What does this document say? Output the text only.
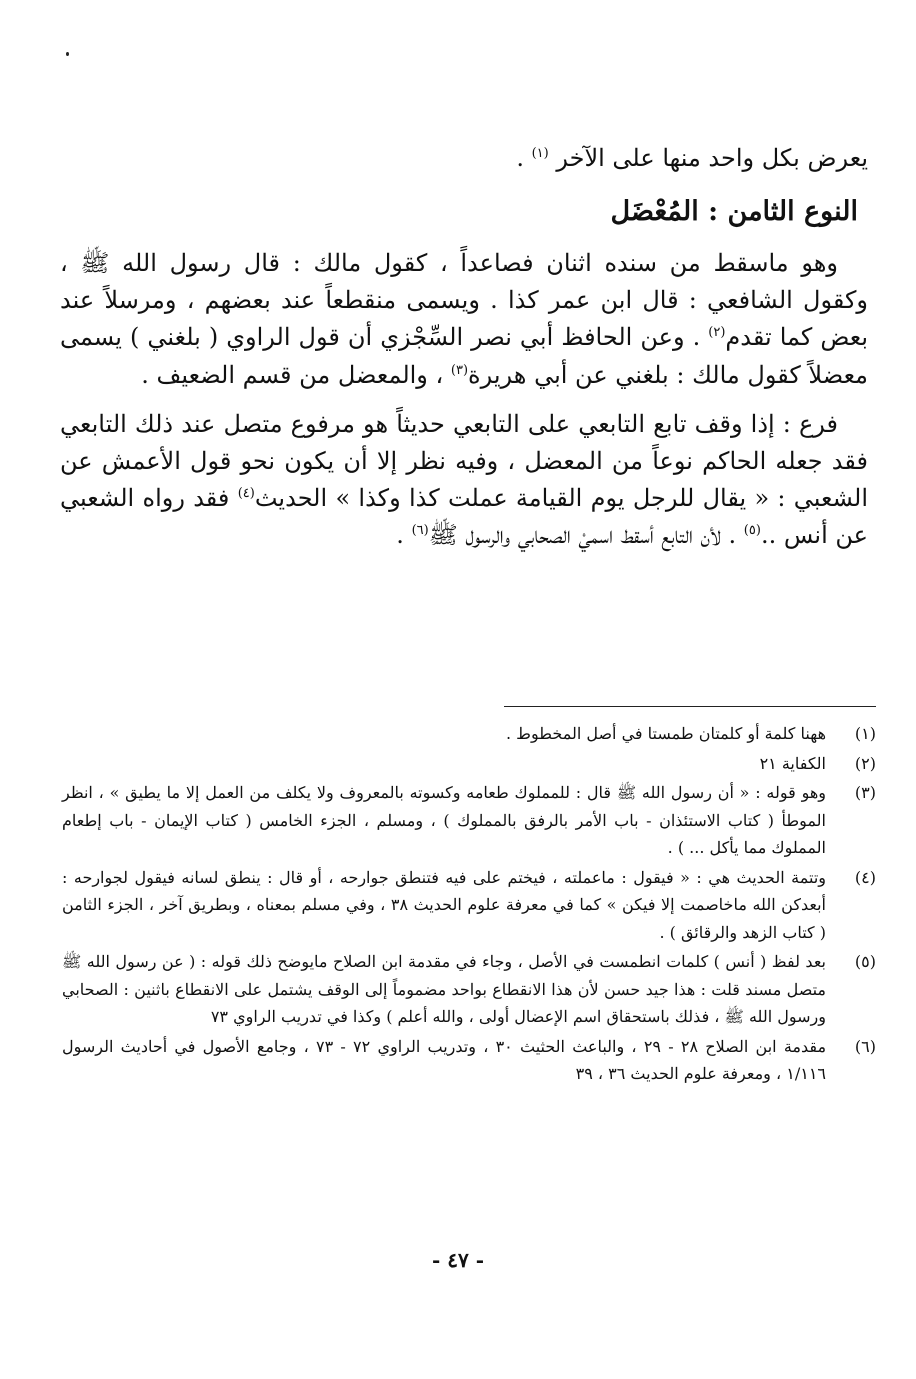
يعرض بكل واحد منها على الآخر $^{(١)}$ .

النوع الثامن : المُعْضَل

وهو ماسقط من سنده اثنان فصاعداً ، كقول مالك : قال رسول الله ﷺ ، وكقول الشافعي : قال ابن عمر كذا . ويسمى منقطعاً عند بعضهم ، ومرسلاً عند بعض كما تقدم$^{(٢)}$ . وعن الحافظ أبي نصر السِّجْزي أن قول الراوي ( بلغني ) يسمى معضلاً كقول مالك : بلغني عن أبي هريرة$^{(٣)}$ ، والمعضل من قسم الضعيف .

فرع : إذا وقف تابع التابعي على التابعي حديثاً هو مرفوع متصل عند ذلك التابعي فقد جعله الحاكم نوعاً من المعضل ، وفيه نظر إلا أن يكون نحو قول الأعمش عن الشعبي : « يقال للرجل يوم القيامة عملت كذا وكذا » الحديث$^{(٤)}$ فقد رواه الشعبي عن أنس ..$^{(٥)}$ . لأن التابع أسقط اسميْ الصحابي والرسول ﷺ$^{(٦)}$ .

(١)
ههنا كلمة أو كلمتان طمستا في أصل المخطوط .
(٢)
الكفاية ٢١
(٣)
وهو قوله : « أن رسول الله ﷺ قال : للمملوك طعامه وكسوته بالمعروف ولا يكلف من العمل إلا ما يطيق » ، انظر الموطأ ( كتاب الاستئذان - باب الأمر بالرفق بالمملوك ) ، ومسلم ، الجزء الخامس ( كتاب الإيمان - باب إطعام المملوك مما يأكل ... ) .
(٤)
وتتمة الحديث هي : « فيقول : ماعملته ، فيختم على فيه فتنطق جوارحه ، أو قال : ينطق لسانه فيقول لجوارحه : أبعدكن الله ماخاصمت إلا فيكن » كما في معرفة علوم الحديث ٣٨ ، وفي مسلم بمعناه ، وبطريق آخر ، الجزء الثامن ( كتاب الزهد والرقائق ) .
(٥)
بعد لفظ ( أنس ) كلمات انطمست في الأصل ، وجاء في مقدمة ابن الصلاح مايوضح ذلك قوله : ( عن رسول الله ﷺ متصل مسند قلت : هذا جيد حسن لأن هذا الانقطاع بواحد مضموماً إلى الوقف يشتمل على الانقطاع باثنين : الصحابي ورسول الله ﷺ ، فذلك باستحقاق اسم الإعضال أولى ، والله أعلم ) وكذا في تدريب الراوي ٧٣
(٦)
مقدمة ابن الصلاح ٢٨ - ٢٩ ، والباعث الحثيث ٣٠ ، وتدريب الراوي ٧٢ - ٧٣ ، وجامع الأصول في أحاديث الرسول ١/١١٦ ، ومعرفة علوم الحديث ٣٦ ، ٣٩
- ٤٧ -
